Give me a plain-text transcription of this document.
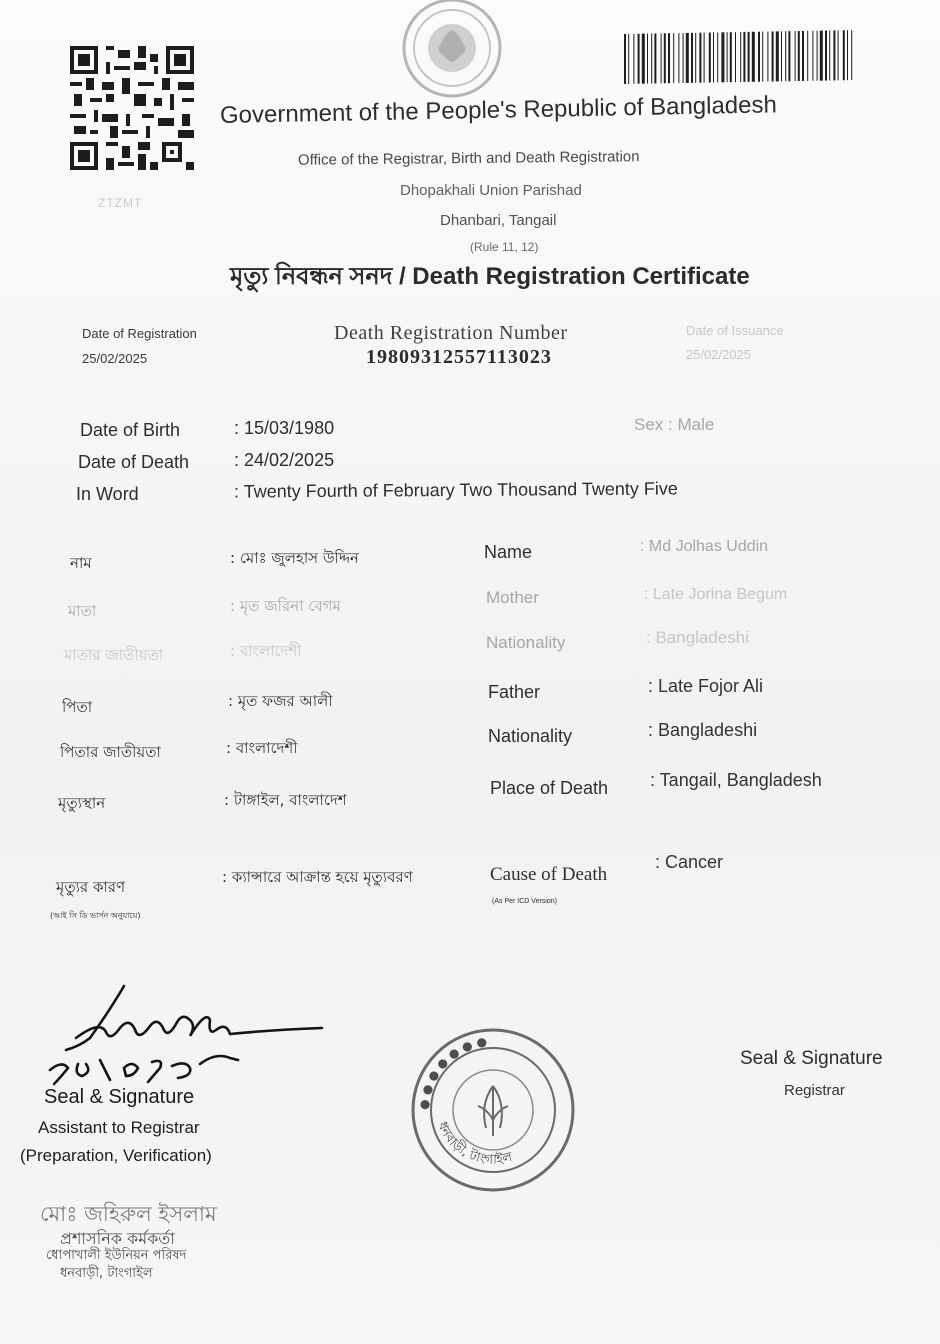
ZTZMT
Government of the People's Republic of Bangladesh
Office of the Registrar, Birth and Death Registration
Dhopakhali Union Parishad
Dhanbari, Tangail
(Rule 11, 12)
মৃত্যু নিবন্ধন সনদ / Death Registration Certificate
Date of Registration
25/02/2025
Death Registration Number
19809312557113023
Date of Issuance
25/02/2025
Date of Birth	: 15/03/1980	Sex : Male
Date of Death : 24/02/2025
In Word	: Twenty Fourth of February Two Thousand Twenty Five
নাম	: মোঃ জুলহাস উদ্দিন
মাতা	: মৃত জরিনা বেগম
মাতার জাতীয়তা	: বাংলাদেশী
পিতা	: মৃত ফজর আলী
পিতার জাতীয়তা	: বাংলাদেশী
মৃত্যুস্থান	: টাঙ্গাইল, বাংলাদেশ
মৃত্যুর কারণ
: ক্যান্সারে আক্রান্ত হয়ে মৃত্যুবরণ
(আই সি ডি ভার্সন অনুযায়ে)
Name	: Md Jolhas Uddin
Mother	: Late Jorina Begum
Nationality	: Bangladeshi
Father	: Late Fojor Ali
Nationality	: Bangladeshi
Place of Death : Tangail, Bangladesh
Cause of Death
: Cancer
(As Per ICD Version)
Seal & Signature
Assistant to Registrar
(Preparation, Verification)
● ● ● ● ● ● ●
ধনবাড়ী, টাংগাইল
Seal & Signature
Registrar
মোঃ জহিরুল ইসলাম
প্রশাসনিক কর্মকর্তা
ধোপাখালী ইউনিয়ন পরিষদ
ধনবাড়ী, টাংগাইল
